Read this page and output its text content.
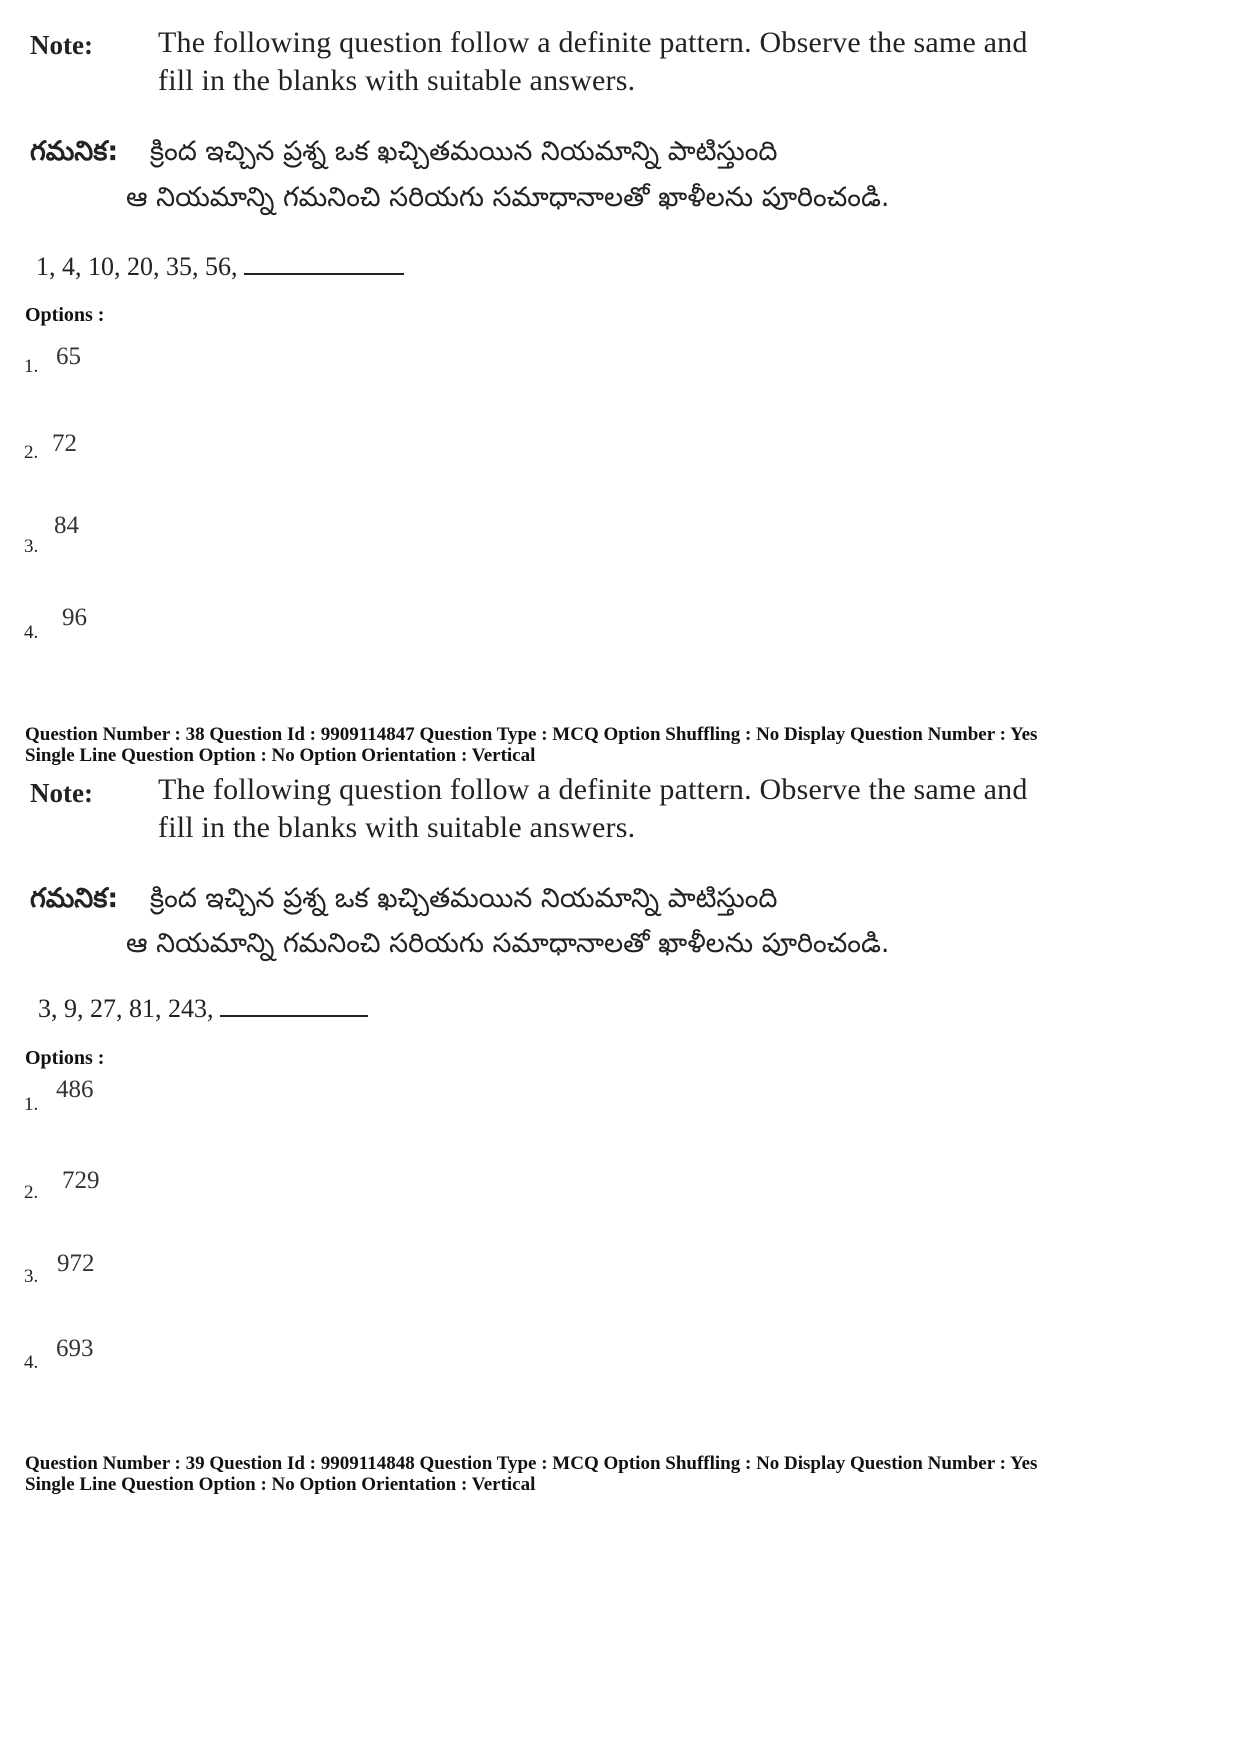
Note: The following question follow a definite pattern. Observe the same and
fill in the blanks with suitable answers.
గమనిక: క్రింద ఇచ్చిన ప్రశ్న ఒక ఖచ్చితమయిన నియమాన్ని పాటిస్తుంది
ఆ నియమాన్ని గమనించి సరియగు సమాధానాలతో ఖాళీలను పూరించండి.
1, 4, 10, 20, 35, 56,
Options :
1. 65
2. 72
3.
84
4.
96
Question Number : 38 Question Id : 9909114847 Question Type : MCQ Option Shuffling : No Display Question Number : Yes
Single Line Question Option : No Option Orientation : Vertical
Note: The following question follow a definite pattern. Observe the same and
fill in the blanks with suitable answers.
గమనిక: క్రింద ఇచ్చిన ప్రశ్న ఒక ఖచ్చితమయిన నియమాన్ని పాటిస్తుంది
ఆ నియమాన్ని గమనించి సరియగు సమాధానాలతో ఖాళీలను పూరించండి.
3, 9, 27, 81, 243,
Options :
1.
486
2. 729
3. 972
4.
693
Question Number : 39 Question Id : 9909114848 Question Type : MCQ Option Shuffling : No Display Question Number : Yes
Single Line Question Option : No Option Orientation : Vertical
